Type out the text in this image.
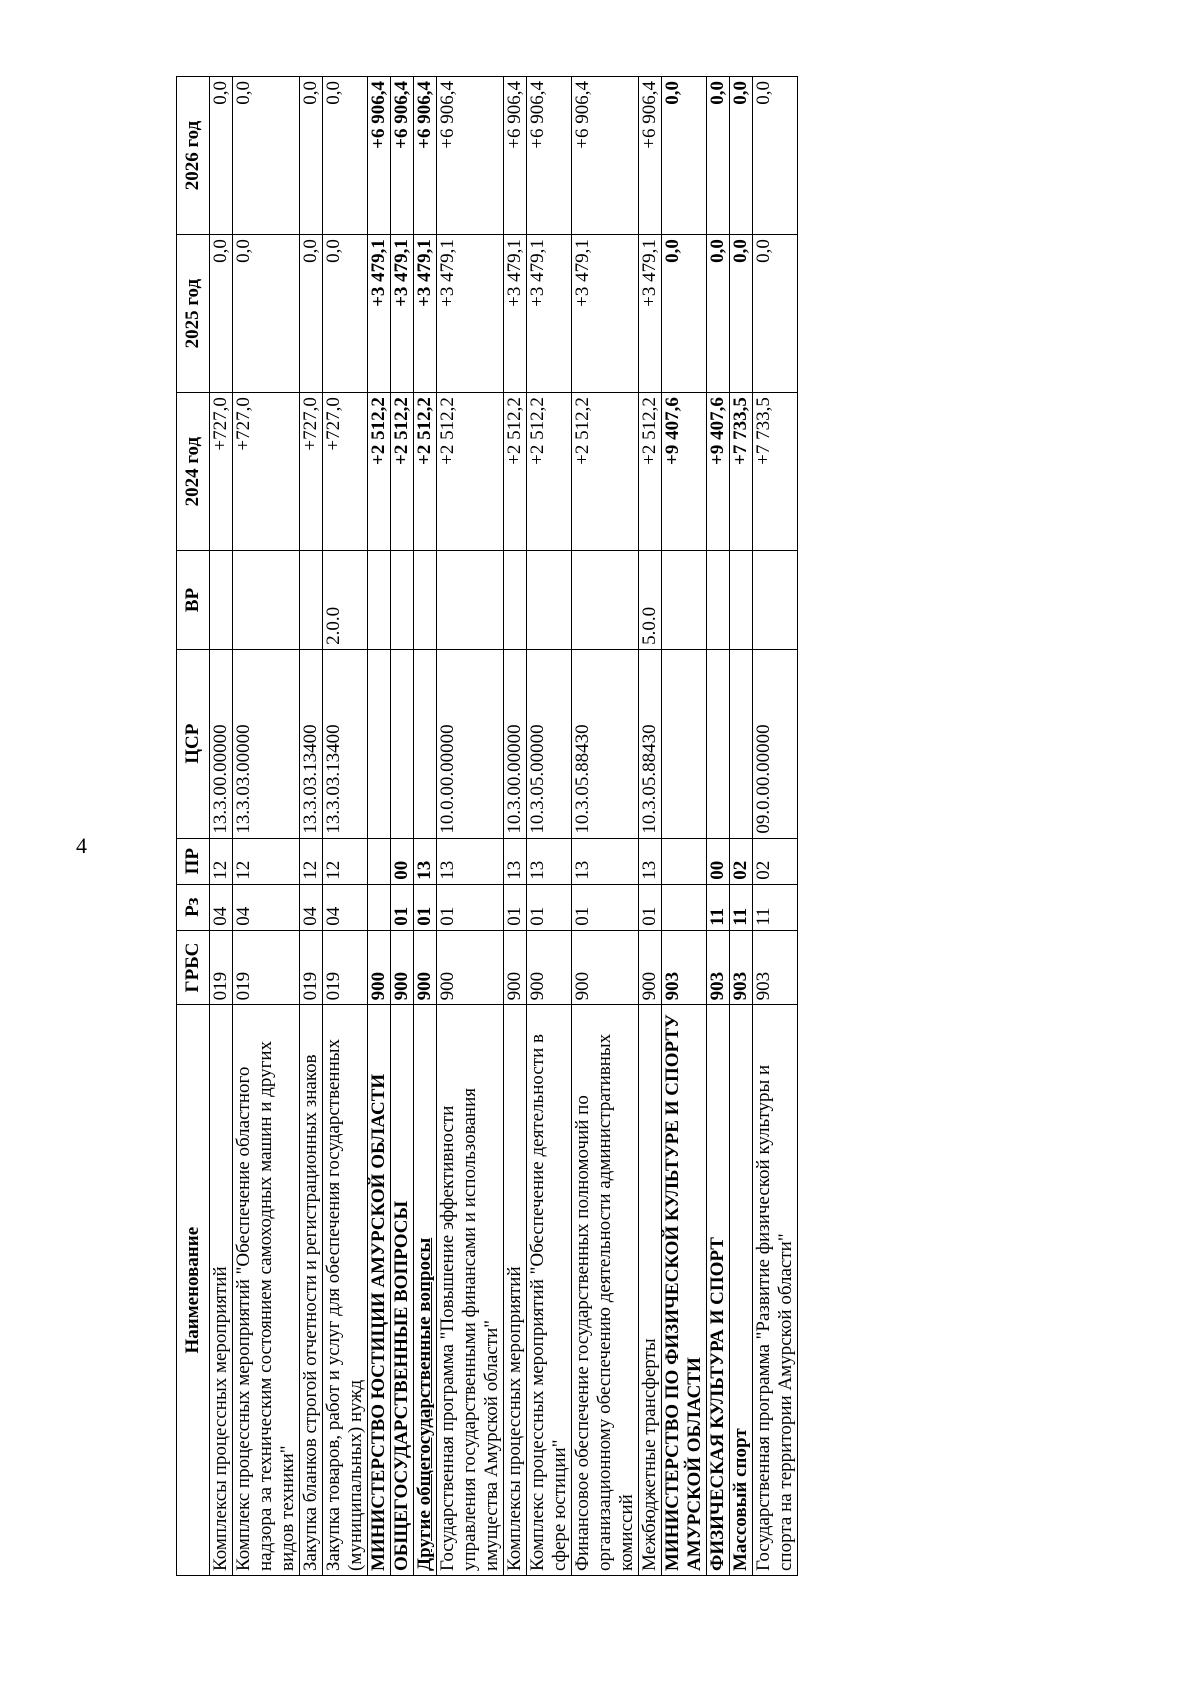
4
Наименование	ГРБС	Рз	ПР	ЦСР	ВР	2024 год	2025 год	2026 год
Комплексы процессных мероприятий	019	04	12	13.3.00.00000		+727,0	0,0	0,0
Комплекс процессных мероприятий "Обеспечение областного надзора за техническим состоянием самоходных машин и других видов техники"	019	04	12	13.3.03.00000		+727,0	0,0	0,0
Закупка бланков строгой отчетности и регистрационных знаков	019	04	12	13.3.03.13400		+727,0	0,0	0,0
Закупка товаров, работ и услуг для обеспечения государственных (муниципальных) нужд	019	04	12	13.3.03.13400	2.0.0	+727,0	0,0	0,0
МИНИСТЕРСТВО ЮСТИЦИИ АМУРСКОЙ ОБЛАСТИ	900					+2 512,2	+3 479,1	+6 906,4
ОБЩЕГОСУДАРСТВЕННЫЕ ВОПРОСЫ	900	01	00			+2 512,2	+3 479,1	+6 906,4
Другие общегосударственные вопросы	900	01	13			+2 512,2	+3 479,1	+6 906,4
Государственная программа "Повышение эффективности управления государственными финансами и использования имущества Амурской области"	900	01	13	10.0.00.00000		+2 512,2	+3 479,1	+6 906,4
Комплексы процессных мероприятий	900	01	13	10.3.00.00000		+2 512,2	+3 479,1	+6 906,4
Комплекс процессных мероприятий "Обеспечение деятельности в сфере юстиции"	900	01	13	10.3.05.00000		+2 512,2	+3 479,1	+6 906,4
Финансовое обеспечение государственных полномочий по организационному обеспечению деятельности административных комиссий	900	01	13	10.3.05.88430		+2 512,2	+3 479,1	+6 906,4
Межбюджетные трансферты	900	01	13	10.3.05.88430	5.0.0	+2 512,2	+3 479,1	+6 906,4
МИНИСТЕРСТВО ПО ФИЗИЧЕСКОЙ КУЛЬТУРЕ И СПОРТУ АМУРСКОЙ ОБЛАСТИ	903					+9 407,6	0,0	0,0
ФИЗИЧЕСКАЯ КУЛЬТУРА И СПОРТ	903	11	00			+9 407,6	0,0	0,0
Массовый спорт	903	11	02			+7 733,5	0,0	0,0
Государственная программа "Развитие физической культуры и спорта на территории Амурской области"	903	11	02	09.0.00.00000		+7 733,5	0,0	0,0
